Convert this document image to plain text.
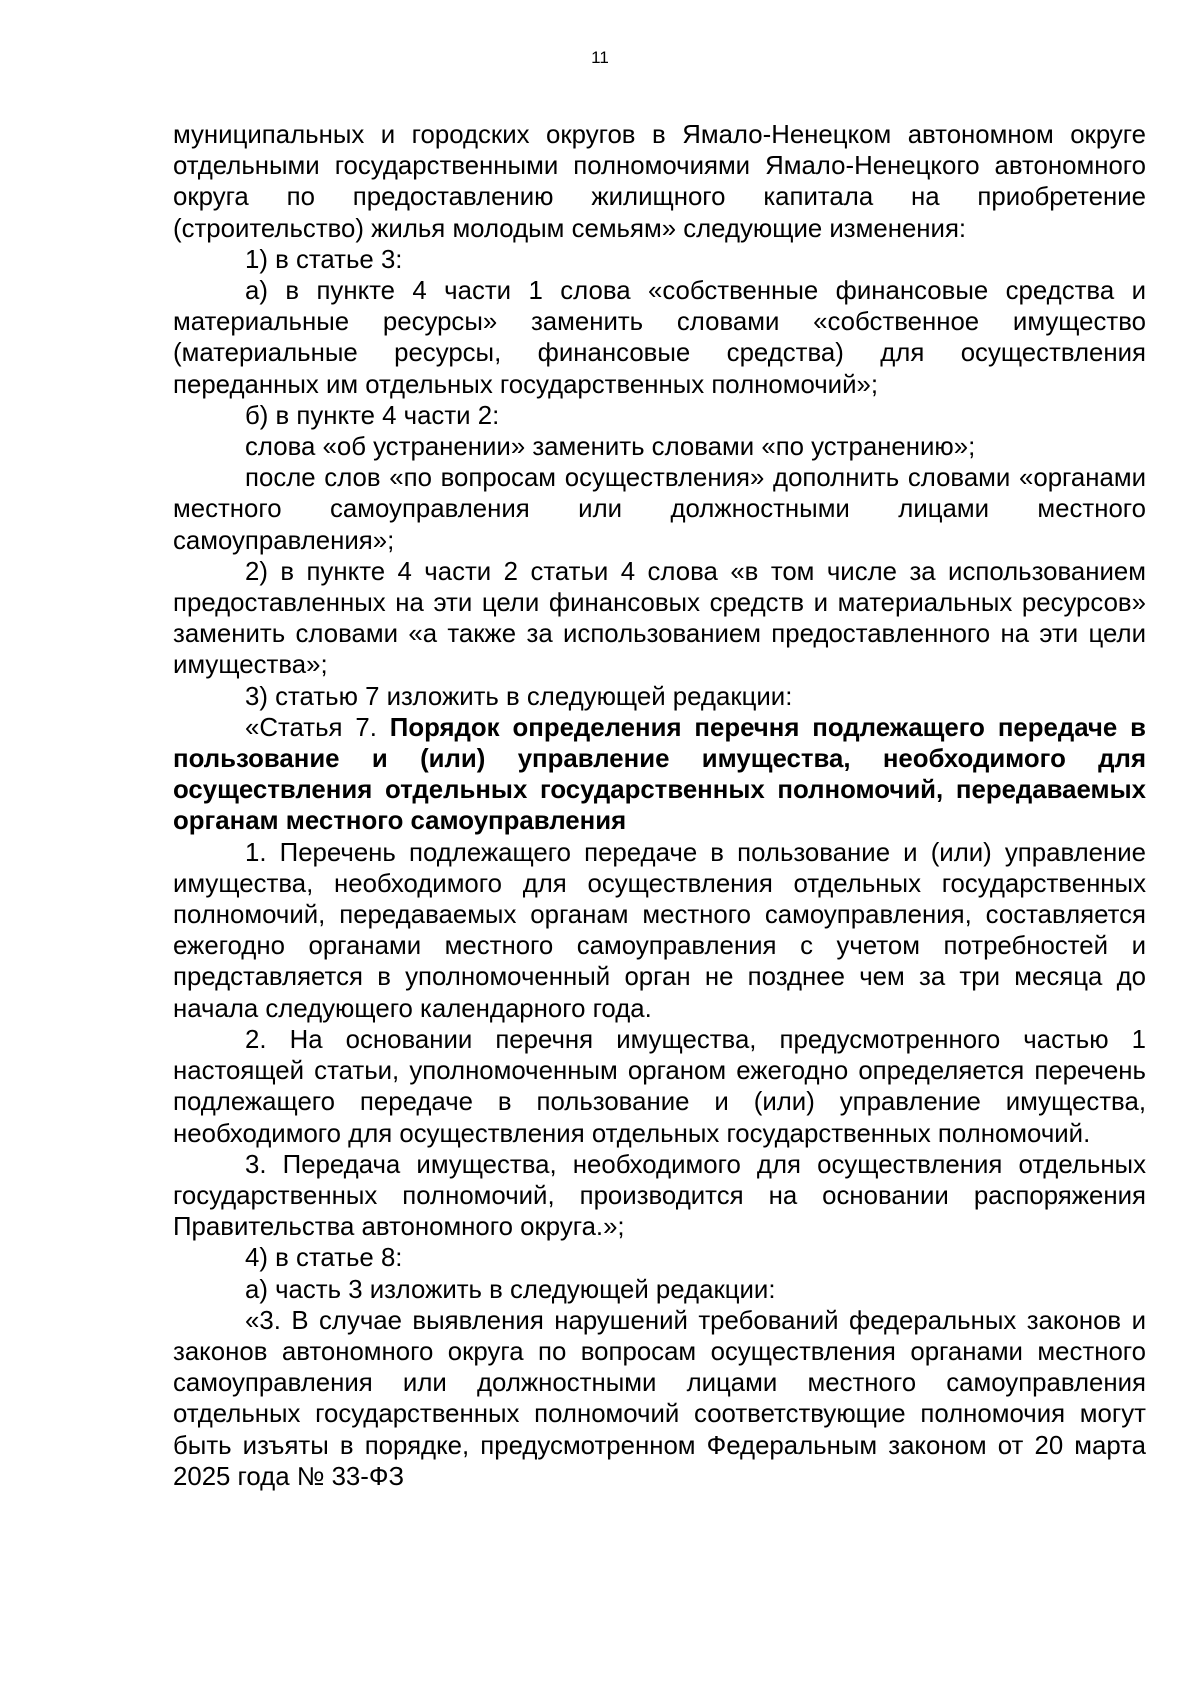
11

муниципальных и городских округов в Ямало-Ненецком автономном округе отдельными государственными полномочиями Ямало-Ненецкого автономного округа по предоставлению жилищного капитала на приобретение (строительство) жилья молодым семьям» следующие изменения:

1) в статье 3:

а) в пункте 4 части 1 слова «собственные финансовые средства и материальные ресурсы» заменить словами «собственное имущество (материальные ресурсы, финансовые средства) для осуществления переданных им отдельных государственных полномочий»;

б) в пункте 4 части 2:

слова «об устранении» заменить словами «по устранению»;

после слов «по вопросам осуществления» дополнить словами «органами местного самоуправления или должностными лицами местного самоуправления»;

2) в пункте 4 части 2 статьи 4 слова «в том числе за использованием предоставленных на эти цели финансовых средств и материальных ресурсов» заменить словами «а также за использованием предоставленного на эти цели имущества»;

3) статью 7 изложить в следующей редакции:

«Статья 7. Порядок определения перечня подлежащего передаче в пользование и (или) управление имущества, необходимого для осуществления отдельных государственных полномочий, передаваемых органам местного самоуправления

1. Перечень подлежащего передаче в пользование и (или) управление имущества, необходимого для осуществления отдельных государственных полномочий, передаваемых органам местного самоуправления, составляется ежегодно органами местного самоуправления с учетом потребностей и представляется в уполномоченный орган не позднее чем за три месяца до начала следующего календарного года.

2. На основании перечня имущества, предусмотренного частью 1 настоящей статьи, уполномоченным органом ежегодно определяется перечень подлежащего передаче в пользование и (или) управление имущества, необходимого для осуществления отдельных государственных полномочий.

3. Передача имущества, необходимого для осуществления отдельных государственных полномочий, производится на основании распоряжения Правительства автономного округа.»;

4) в статье 8:

а) часть 3 изложить в следующей редакции:

«3. В случае выявления нарушений требований федеральных законов и законов автономного округа по вопросам осуществления органами местного самоуправления или должностными лицами местного самоуправления отдельных государственных полномочий соответствующие полномочия могут быть изъяты в порядке, предусмотренном Федеральным законом от 20 марта 2025 года № 33-ФЗ
